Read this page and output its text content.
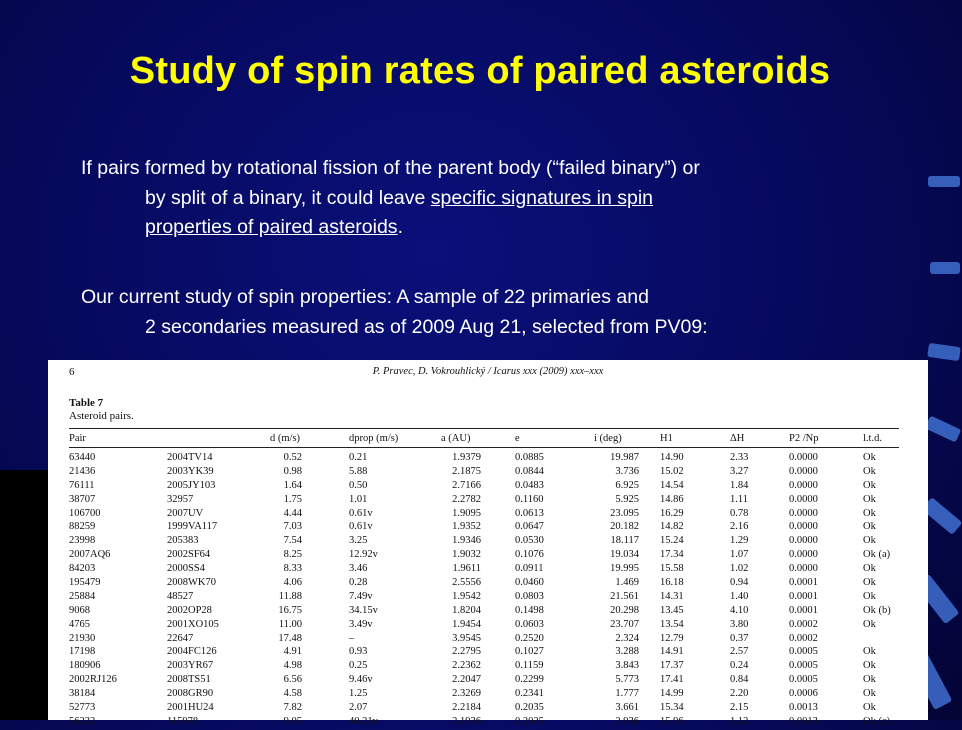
Study of spin rates of paired asteroids
If pairs formed by rotational fission of the parent body (“failed binary”) or
by split of a binary, it could leave specific signatures in spin
properties of paired asteroids.
Our current study of spin properties: A sample of 22 primaries and
2 secondaries measured as of 2009 Aug 21, selected from PV09:
6	P. Pravec, D. Vokrouhlický / Icarus xxx (2009) xxx–xxx
Table 7
Asteroid pairs.
Pair	d (m/s)	dprop (m/s)	a (AU)	e	i (deg)	H1	ΔH	P2 /Np	l.t.d.
63440	2004TV14	0.52	0.21	1.9379	0.0885	19.987 14.90	2.33	0.0000	Ok
21436	2003YK39	0.98	5.88	2.1875	0.0844	3.736 15.02	3.27	0.0000	Ok
76111	2005JY103	1.64	0.50	2.7166	0.0483	6.925 14.54	1.84	0.0000	Ok
38707	32957	1.75	1.01	2.2782	0.1160	5.925 14.86	1.11	0.0000	Ok
106700	2007UV	4.44	0.61v	1.9095	0.0613	23.095 16.29	0.78	0.0000	Ok
88259	1999VA117	7.03	0.61v	1.9352	0.0647	20.182 14.82	2.16	0.0000	Ok
23998	205383	7.54	3.25	1.9346	0.0530	18.117 15.24	1.29	0.0000	Ok
2007AQ6	2002SF64	8.25	12.92v	1.9032	0.1076	19.034 17.34	1.07	0.0000	Ok (a)
84203	2000SS4	8.33	3.46	1.9611	0.0911	19.995 15.58	1.02	0.0000	Ok
195479	2008WK70	4.06	0.28	2.5556	0.0460	1.469 16.18	0.94	0.0001	Ok
25884	48527	11.88	7.49v	1.9542	0.0803	21.561 14.31	1.40	0.0001	Ok
9068	2002OP28	16.75	34.15v	1.8204	0.1498	20.298 13.45	4.10	0.0001	Ok (b)
4765	2001XO105	11.00	3.49v	1.9454	0.0603	23.707 13.54	3.80	0.0002	Ok
21930	22647	17.48	–	3.9545	0.2520	2.324 12.79	0.37	0.0002
17198	2004FC126	4.91	0.93	2.2795	0.1027	3.288 14.91	2.57	0.0005	Ok
180906	2003YR67	4.98	0.25	2.2362	0.1159	3.843 17.37	0.24	0.0005	Ok
2002RJ126	2008TS51	6.56	9.46v	2.2047	0.2299	5.773 17.41	0.84	0.0005	Ok
38184	2008GR90	4.58	1.25	2.3269	0.2341	1.777 14.99	2.20	0.0006	Ok
52773	2001HU24	7.82	2.07	2.2184	0.2035	3.661 15.34	2.15	0.0013	Ok
56232	115978	9.05	40.21v	2.1936	0.2025	2.936 15.96	1.12	0.0013	Ok (c)
